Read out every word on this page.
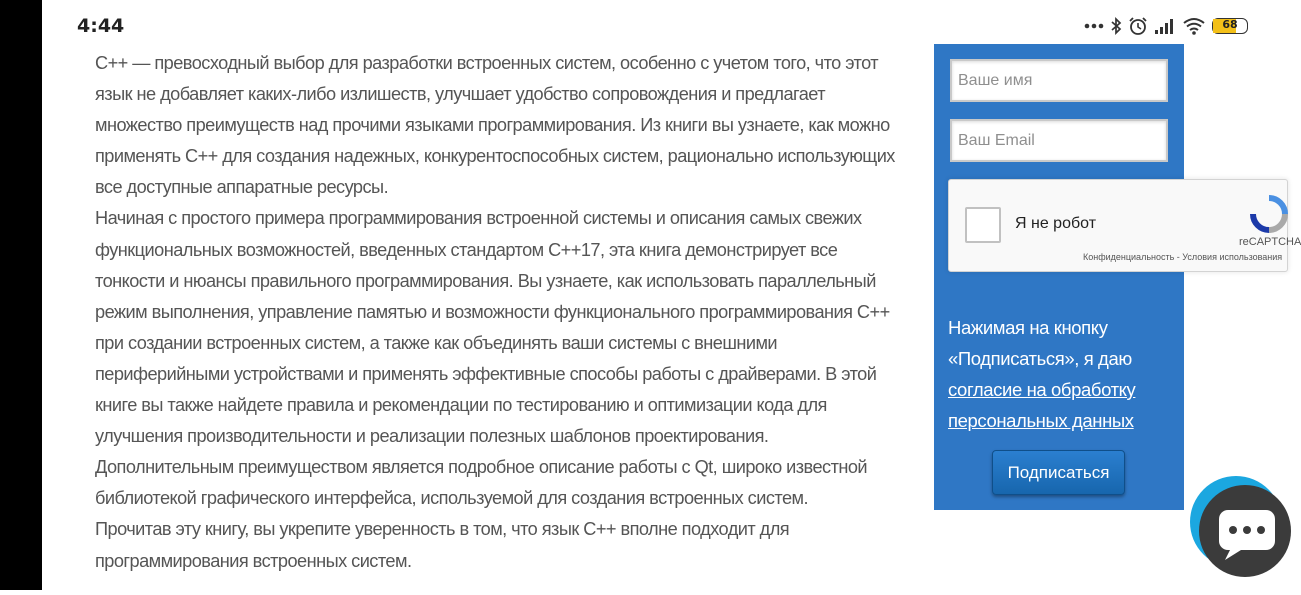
4:44	68

С++ — превосходный выбор для разработки встроенных систем, особенно с учетом того, что этот язык не добавляет каких-либо излишеств, улучшает удобство сопровождения и предлагает множество преимуществ над прочими языками программирования. Из книги вы узнаете, как можно применять С++ для создания надежных, конкурентоспособных систем, рационально использующих все доступные аппаратные ресурсы.

Начиная с простого примера программирования встроенной системы и описания самых свежих функциональных возможностей, введенных стандартом С++17, эта книга демонстрирует все тонкости и нюансы правильного программирования. Вы узнаете, как использовать параллельный режим выполнения, управление памятью и возможности функционального программирования С++ при создании встроенных систем, а также как объединять ваши системы с внешними периферийными устройствами и применять эффективные способы работы с драйверами. В этой книге вы также найдете правила и рекомендации по тестированию и оптимизации кода для улучшения производительности и реализации полезных шаблонов проектирования. Дополнительным преимуществом является подробное описание работы с Qt, широко известной библиотекой графического интерфейса, используемой для создания встроенных систем.

Прочитав эту книгу, вы укрепите уверенность в том, что язык С++ вполне подходит для программирования встроенных систем.

Ваше имя
Ваш Email
Нажимая на кнопку «Подписаться», я даю согласие на обработку персональных данных
Подписаться
Я не робот
reCAPTCHA
Конфиденциальность - Условия использования
